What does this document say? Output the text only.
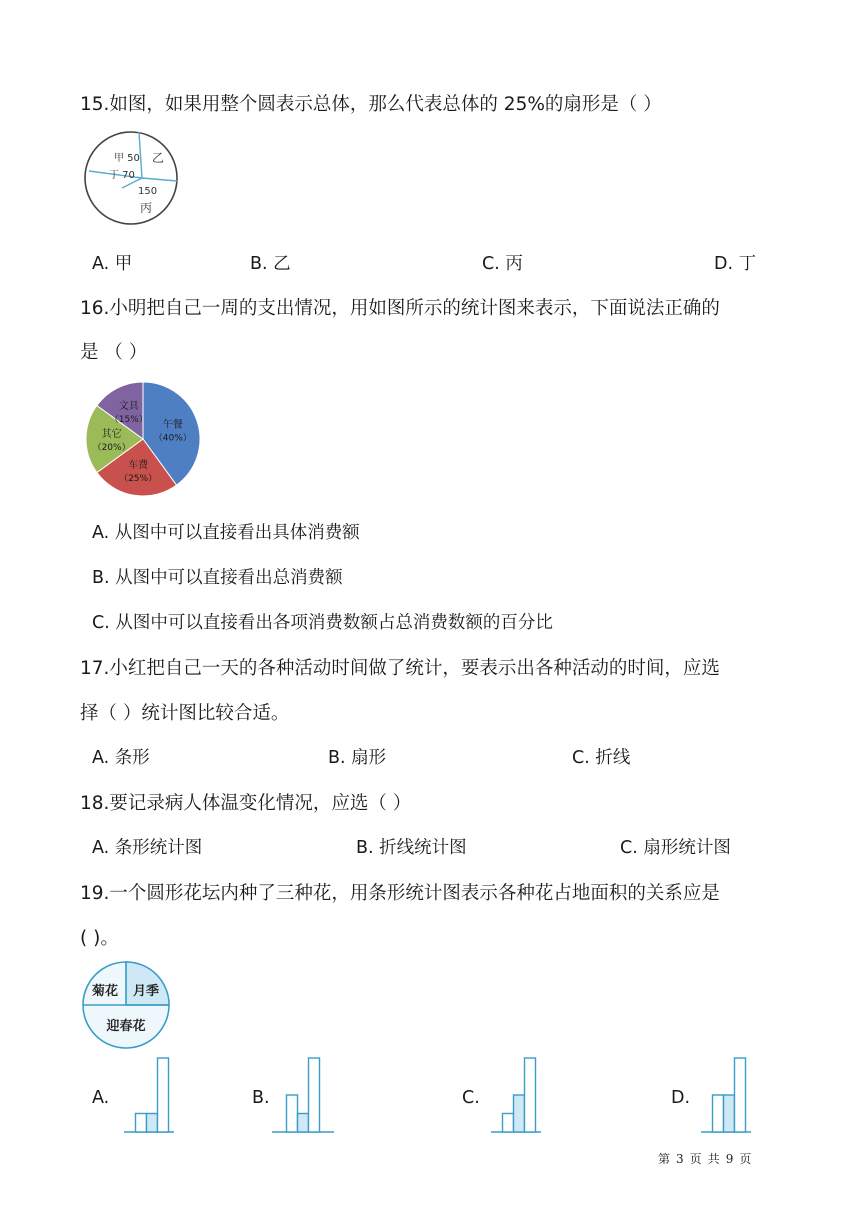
15.如图，如果用整个圆表示总体，那么代表总体的 25%的扇形是（ ）
甲 50 乙
丁 70
150
丙
A. 甲	B. 乙	C. 丙	D. 丁
16.小明把自己一周的支出情况，用如图所示的统计图来表示，下面说法正确的
是 （ ）
午餐
（40%）
车费
（25%）
其它
（20%）
文具
（15%）
A. 从图中可以直接看出具体消费额
B. 从图中可以直接看出总消费额
C. 从图中可以直接看出各项消费数额占总消费数额的百分比
17.小红把自己一天的各种活动时间做了统计，要表示出各种活动的时间，应选
择（ ）统计图比较合适。
A. 条形	B. 扇形	C. 折线
18.要记录病人体温变化情况，应选（ ）
A. 条形统计图	B. 折线统计图	C. 扇形统计图
19.一个圆形花坛内种了三种花，用条形统计图表示各种花占地面积的关系应是
( )。
菊花 月季
迎春花
A.	B.	C.	D.
第 3 页 共 9 页
